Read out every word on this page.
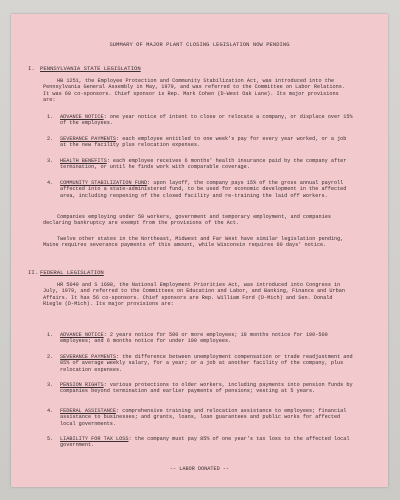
SUMMARY OF MAJOR PLANT CLOSING LEGISLATION NOW PENDING
I. PENNSYLVANIA STATE LEGISLATION

HB 1251, the Employee Protection and Community Stabilization Act, was introduced into the Pennsylvania General Assembly in May, 1979, and was referred to the Committee on Labor Relations. It was 60 co-sponsors. Chief sponsor is Rep. Mark Cohen (D-West Oak Lane). Its major provisions are:

1.	ADVANCE NOTICE: one year notice of intent to close or relocate a company, or displace over 15% of the employees.
2.	SEVERANCE PAYMENTS: each employee entitled to one week's pay for every year worked, or a job at the new facility plus relocation expenses.
3.	HEALTH BENEFITS: each employee receives 6 months' health insurance paid by the company after termination, or until he finds work with comparable coverage.
4.	COMMUNITY STABILIZATION FUND: upon layoff, the company pays 15% of the gross annual payroll affected into a state-administered fund, to be used for economic development in the affected area, including reopening of the closed facility and re-training the laid off workers.

Companies employing under 50 workers, government and temporary employment, and companies declaring bankruptcy are exempt from the provisions of the Act.

Twelve other states in the Northeast, Midwest and Far West have similar legislation pending, Maine requires severance payments of this amount, while Wisconsin requires 60 days' notice.

II. FEDERAL LEGISLATION

HR 5040 and S 1608, the National Employment Priorities Act, was introduced into Congress in July, 1979, and referred to the Committees on Education and Labor, and Banking, Finance and Urban Affairs. It has 56 co-sponsors. Chief sponsors are Rep. William Ford (D-Mich) and Sen. Donald Riegle (D-Mich). Its major provisions are:

1.	ADVANCE NOTICE: 2 years notice for 500 or more employees; 18 months notice for 100-500 employees; and 6 months notice for under 100 employees.
2.	SEVERANCE PAYMENTS: the difference between unemployment compensation or trade readjustment and 85% of average weekly salary, for a year; or a job at another facility of the company, plus relocation expenses.
3.	PENSION RIGHTS: various protections to older workers, including payments into pension funds by companies beyond termination and earlier payments of pensions; vesting at 5 years.
4.	FEDERAL ASSISTANCE: comprehensive training and relocation assistance to employees; financial assistance to businesses; and grants, loans, loan guarantees and public works for affected local governments.
5.	LIABILITY FOR TAX LOSS: the company must pay 85% of one year's tax loss to the affected local government.
-- LABOR DONATED --
